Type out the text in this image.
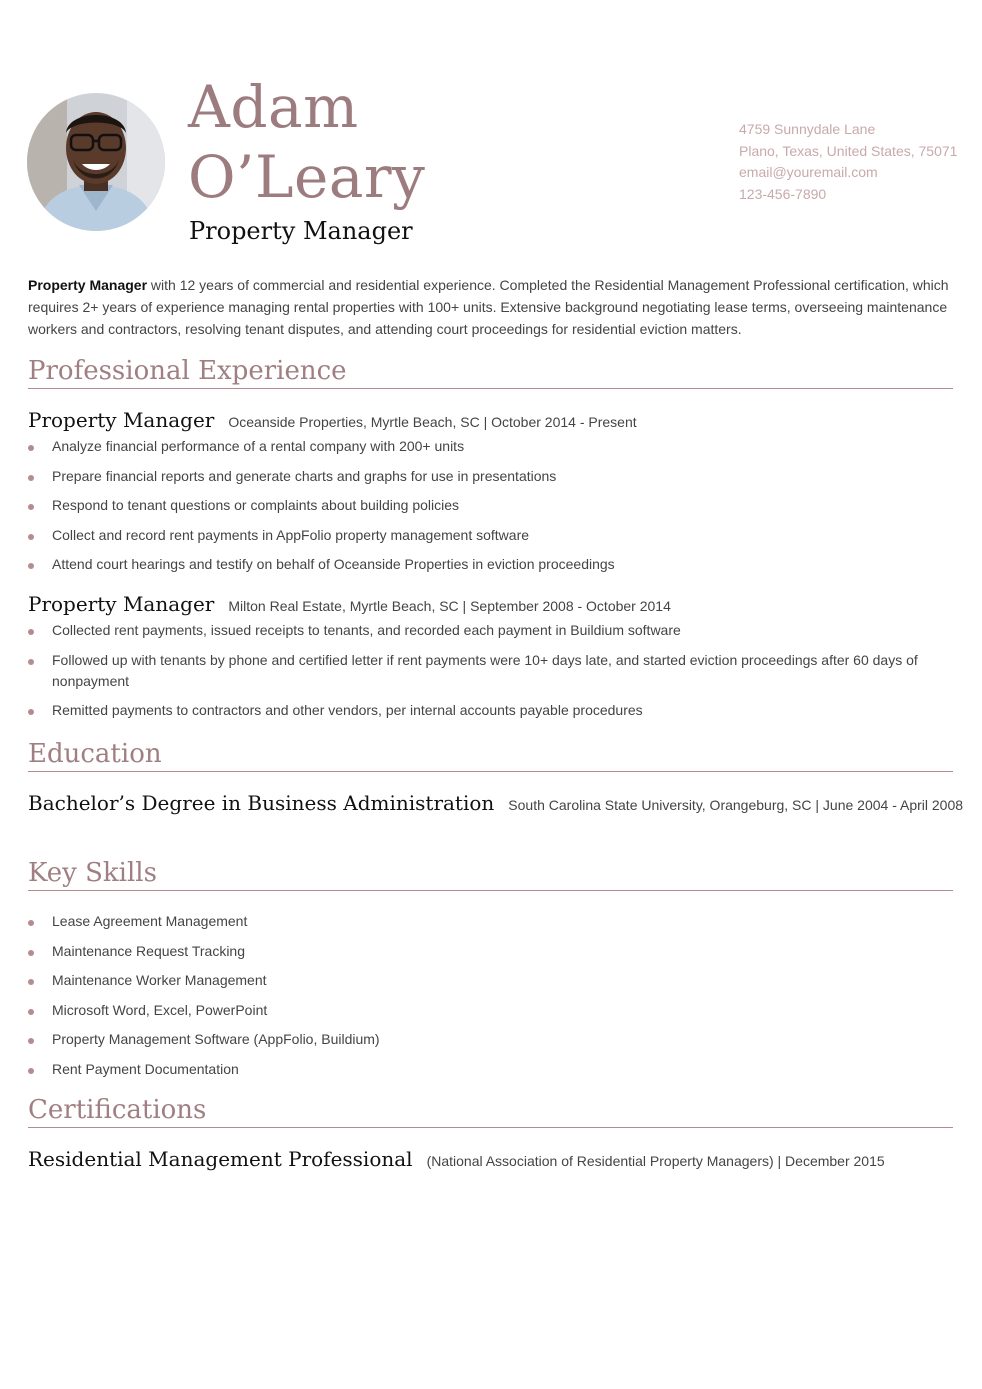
Adam
O’Leary
Property Manager
4759 Sunnydale Lane
Plano, Texas, United States, 75071
email@youremail.com
123-456-7890
Property Manager with 12 years of commercial and residential experience. Completed the Residential Management Professional certification, which requires 2+ years of experience managing rental properties with 100+ units. Extensive background negotiating lease terms, overseeing maintenance workers and contractors, resolving tenant disputes, and attending court proceedings for residential eviction matters.
Professional Experience
Property Manager Oceanside Properties, Myrtle Beach, SC | October 2014 - Present
Analyze financial performance of a rental company with 200+ units
Prepare financial reports and generate charts and graphs for use in presentations
Respond to tenant questions or complaints about building policies
Collect and record rent payments in AppFolio property management software
Attend court hearings and testify on behalf of Oceanside Properties in eviction proceedings
Property Manager Milton Real Estate, Myrtle Beach, SC | September 2008 - October 2014
Collected rent payments, issued receipts to tenants, and recorded each payment in Buildium software
Followed up with tenants by phone and certified letter if rent payments were 10+ days late, and started eviction proceedings after 60 days of nonpayment
Remitted payments to contractors and other vendors, per internal accounts payable procedures
Education
Bachelor’s Degree in Business Administration South Carolina State University, Orangeburg, SC | June 2004 - April 2008
Key Skills
Lease Agreement Management
Maintenance Request Tracking
Maintenance Worker Management
Microsoft Word, Excel, PowerPoint
Property Management Software (AppFolio, Buildium)
Rent Payment Documentation
Certifications
Residential Management Professional (National Association of Residential Property Managers) | December 2015
